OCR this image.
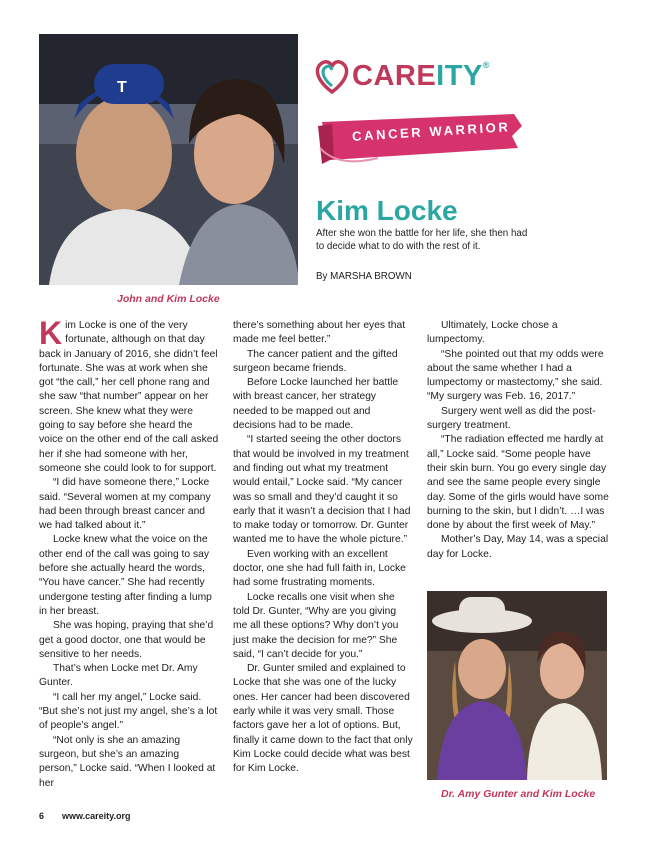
T
John and Kim Locke
CAREITY®
CANCER WARRIOR
Kim Locke
After she won the battle for her life, she then had to decide what to do with the rest of it.
By MARSHA BROWN

Kim Locke is one of the very fortunate, although on that day back in January of 2016, she didn’t feel fortunate. She was at work when she got “the call,” her cell phone rang and she saw “that number” appear on her screen. She knew what they were going to say before she heard the voice on the other end of the call asked her if she had someone with her, someone she could look to for support.

“I did have someone there,” Locke said. “Several women at my company had been through breast cancer and we had talked about it.”

Locke knew what the voice on the other end of the call was going to say before she actually heard the words, “You have cancer.” She had recently undergone testing after finding a lump in her breast.

She was hoping, praying that she’d get a good doctor, one that would be sensitive to her needs.

That’s when Locke met Dr. Amy Gunter.

“I call her my angel,” Locke said. “But she’s not just my angel, she’s a lot of people’s angel.”

“Not only is she an amazing surgeon, but she’s an amazing person,” Locke said. “When I looked at her

there’s something about her eyes that made me feel better.”

The cancer patient and the gifted surgeon became friends.

Before Locke launched her battle with breast cancer, her strategy needed to be mapped out and decisions had to be made.

“I started seeing the other doctors that would be involved in my treatment and finding out what my treatment would entail,” Locke said. “My cancer was so small and they’d caught it so early that it wasn’t a decision that I had to make today or tomorrow. Dr. Gunter wanted me to have the whole picture.”

Even working with an excellent doctor, one she had full faith in, Locke had some frustrating moments.

Locke recalls one visit when she told Dr. Gunter, “Why are you giving me all these options? Why don’t you just make the decision for me?” She said, “I can’t decide for you.”

Dr. Gunter smiled and explained to Locke that she was one of the lucky ones. Her cancer had been discovered early while it was very small. Those factors gave her a lot of options. But, finally it came down to the fact that only Kim Locke could decide what was best for Kim Locke.

Ultimately, Locke chose a lumpectomy.

“She pointed out that my odds were about the same whether I had a lumpectomy or mastectomy,” she said. “My surgery was Feb. 16, 2017.”

Surgery went well as did the post-surgery treatment.

“The radiation effected me hardly at all,” Locke said. “Some people have their skin burn. You go every single day and see the same people every single day. Some of the girls would have some burning to the skin, but I didn’t. …I was done by about the first week of May.”

Mother’s Day, May 14, was a special day for Locke.

Dr. Amy Gunter and Kim Locke
6 www.careity.org
